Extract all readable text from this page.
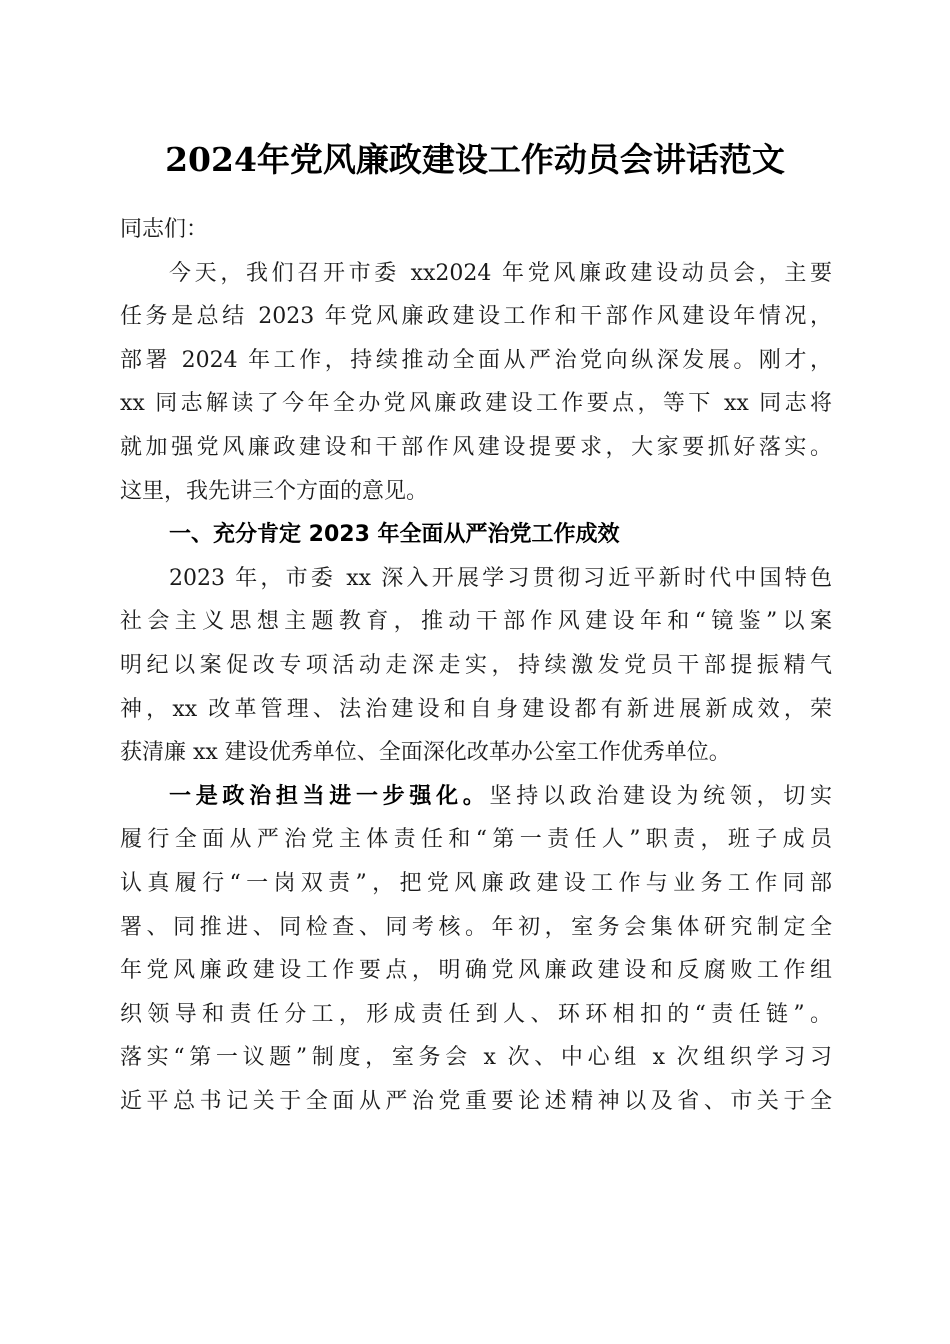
2024年党风廉政建设工作动员会讲话范文
同志们：
今天，我们召开市委 xx2024 年党风廉政建设动员会，主要
任务是总结 2023 年党风廉政建设工作和干部作风建设年情况，
部署 2024 年工作，持续推动全面从严治党向纵深发展。刚才，
xx 同志解读了今年全办党风廉政建设工作要点，等下 xx 同志将
就加强党风廉政建设和干部作风建设提要求，大家要抓好落实。
这里，我先讲三个方面的意见。
一、充分肯定 2023 年全面从严治党工作成效
2023 年，市委 xx 深入开展学习贯彻习近平新时代中国特色
社会主义思想主题教育，推动干部作风建设年和“镜鉴”以案
明纪以案促改专项活动走深走实，持续激发党员干部提振精气
神，xx 改革管理、法治建设和自身建设都有新进展新成效，荣
获清廉 xx 建设优秀单位、全面深化改革办公室工作优秀单位。
一是政治担当进一步强化。坚持以政治建设为统领，切实
履行全面从严治党主体责任和“第一责任人”职责，班子成员
认真履行“一岗双责”，把党风廉政建设工作与业务工作同部
署、同推进、同检查、同考核。年初，室务会集体研究制定全
年党风廉政建设工作要点，明确党风廉政建设和反腐败工作组
织领导和责任分工，形成责任到人、环环相扣的“责任链”。
落实“第一议题”制度，室务会 x 次、中心组 x 次组织学习习
近平总书记关于全面从严治党重要论述精神以及省、市关于全
